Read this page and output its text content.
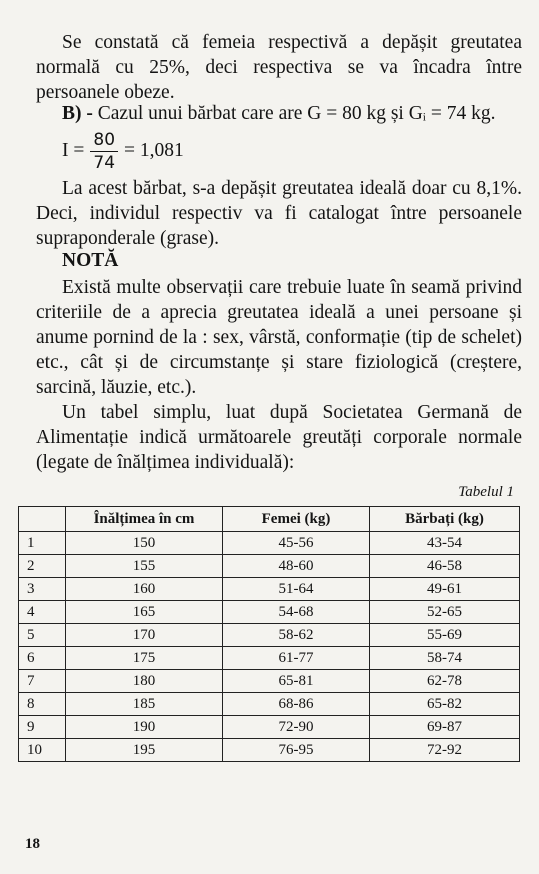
Se constată că femeia respectivă a depășit greutatea normală cu 25%, deci respectiva se va încadra între persoanele obeze.

B) - Cazul unui bărbat care are G = 80 kg și Gᵢ = 74 kg.

$I = \frac{80}{74} = 1,081$

La acest bărbat, s-a depășit greutatea ideală doar cu 8,1%. Deci, individul respectiv va fi catalogat între persoanele supraponderale (grase).

NOTĂ

Există multe observații care trebuie luate în seamă privind criteriile de a aprecia greutatea ideală a unei persoane și anume pornind de la : sex, vârstă, conformație (tip de schelet) etc., cât și de circumstanțe și stare fiziologică (creștere, sarcină, lăuzie, etc.).

Un tabel simplu, luat după Societatea Germană de Alimentație indică următoarele greutăți corporale normale (legate de înălțimea individuală):

Tabelul 1
	Înălțimea în cm	Femei (kg)	Bărbați (kg)
1	150	45-56	43-54
2	155	48-60	46-58
3	160	51-64	49-61
4	165	54-68	52-65
5	170	58-62	55-69
6	175	61-77	58-74
7	180	65-81	62-78
8	185	68-86	65-82
9	190	72-90	69-87
10	195	76-95	72-92
18
